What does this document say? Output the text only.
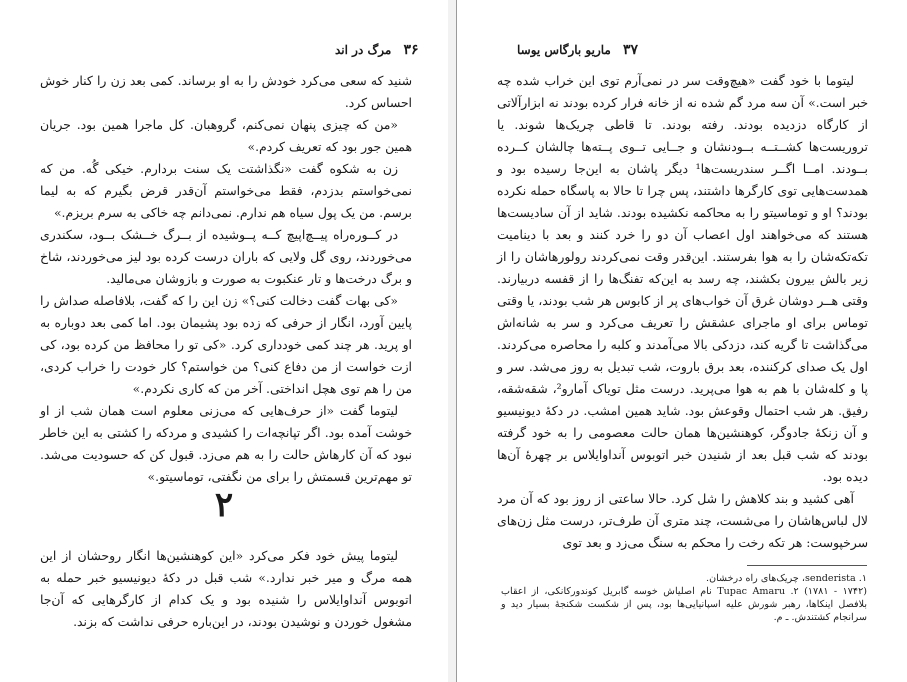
۳۶ مرگ در اند

شنید که سعی می‌کرد خودش را به او برساند. کمی بعد زن را کنار خوش احساس کرد.

«من که چیزی پنهان نمی‌کنم، گروهبان. کل ماجرا همین بود. جریان همین جور بود که تعریف کردم.»

زن به شکوه گفت «نگذاشتت یک سنت بردارم. خیکی گُه. من که نمی‌خواستم بدزدم، فقط می‌خواستم آن‌قدر قرض بگیرم که به لیما برسم. من یک پول سیاه هم ندارم. نمی‌دانم چه خاکی به سرم بریزم.»

در کــوره‌راه پیــچ‌اپیچ کــه پــوشیده از بــرگ خــشک بــود، سکندری می‌خوردند، روی گل ولایی که باران درست کرده بود لیز می‌خوردند، شاخ و برگ درخت‌ها و تار عنکبوت به صورت و بازوشان می‌مالید.

«کی بهات گفت دخالت کنی؟» زن این را که گفت، بلافاصله صداش را پایین آورد، انگار از حرفی که زده بود پشیمان بود. اما کمی بعد دوباره به او پرید. هر چند کمی خودداری کرد. «کی تو را محافظ من کرده بود، کی ازت خواست از من دفاع کنی؟ من خواستم؟ کار خودت را خراب کردی، من را هم توی هچل انداختی. آخر من که کاری نکردم.»

لیتوما گفت «از حرف‌هایی که می‌زنی معلوم است همان شب از او خوشت آمده بود. اگر تپانچه‌ات را کشیدی و مردکه را کشتی به این خاطر نبود که آن کارهاش حالت را به هم می‌زد. قبول کن که حسودیت می‌شد. تو مهم‌ترین قسمتش را برای من نگفتی، توماسیتو.»

۲

لیتوما پیش خود فکر می‌کرد «این کوهنشین‌ها انگار روحشان از این همه مرگ و میر خبر ندارد.» شب قبل در دکهٔ دیونیسیو خبر حمله به اتوبوس آنداوایلاس را شنیده بود و یک کدام از کارگرهایی که آن‌جا مشغول خوردن و نوشیدن بودند، در این‌باره حرفی نداشت که بزند.

۳۷ ماریو بارگاس یوسا

لیتوما با خود گفت «هیچ‌وقت سر در نمی‌آرم توی این خراب شده چه خبر است.» آن سه مرد گم شده نه از خانه فرار کرده بودند نه ابزارآلاتی از کارگاه دزدیده بودند. رفته بودند. تا قاطی چریک‌ها شوند. یا تروریست‌ها کشــتــه بــودنشان و جــایی تــوی پــته‌ها چالشان کــرده بــودند. امــا اگــر سندریست‌ها¹ دیگر پاشان به این‌جا رسیده بود و همدست‌هایی توی کارگرها داشتند، پس چرا تا حالا به پاسگاه حمله نکرده بودند؟ او و توماسیتو را به محاکمه نکشیده بودند. شاید از آن سادیست‌ها هستند که می‌خواهند اول اعصاب آن دو را خرد کنند و بعد با دینامیت تکه‌تکه‌شان را به هوا بفرستند. این‌قدر وقت نمی‌کردند رولورهاشان را از زیر بالش بیرون بکشند، چه رسد به این‌که تفنگ‌ها را از قفسه دربیارند. وقتی هــر دوشان غرق آن خواب‌های پر از کابوس هر شب بودند، یا وقتی توماس برای او ماجرای عشقش را تعریف می‌کرد و سر به شانه‌اش می‌گذاشت تا گریه کند، دزدکی بالا می‌آمدند و کلبه را محاصره می‌کردند. اول یک صدای کرکننده، بعد برق باروت، شب تبدیل به روز می‌شد. سر و پا و کله‌شان با هم به هوا می‌پرید. درست مثل تویاک آمارو²، شقه‌شقه، رفیق. هر شب احتمال وقوعش بود. شاید همین امشب. در دکهٔ دیونیسیو و آن زنکهٔ جادوگر، کوهنشین‌ها همان حالت معصومی را به خود گرفته بودند که شب قبل بعد از شنیدن خبر اتوبوس آنداوایلاس بر چهرهٔ آن‌ها دیده بود.

آهی کشید و بند کلاهش را شل کرد. حالا ساعتی از روز بود که آن مرد لال لباس‌هاشان را می‌شست، چند متری آن طرف‌تر، درست مثل زن‌های سرخپوست: هر تکه رخت را محکم به سنگ می‌زد و بعد توی

senderista .۱، چریک‌های راه درخشان.

Tupac Amaru .۲ (۱۷۸۱ - ۱۷۴۲) نام اصلیاش خوسه گابریل کوندورکانکی، از اعقاب بلافصل اینکاها، رهبر شورش علیه اسپانیایی‌ها بود، پس از شکست شکنجهٔ بسیار دید و سرانجام کشتندش. ـ م.
